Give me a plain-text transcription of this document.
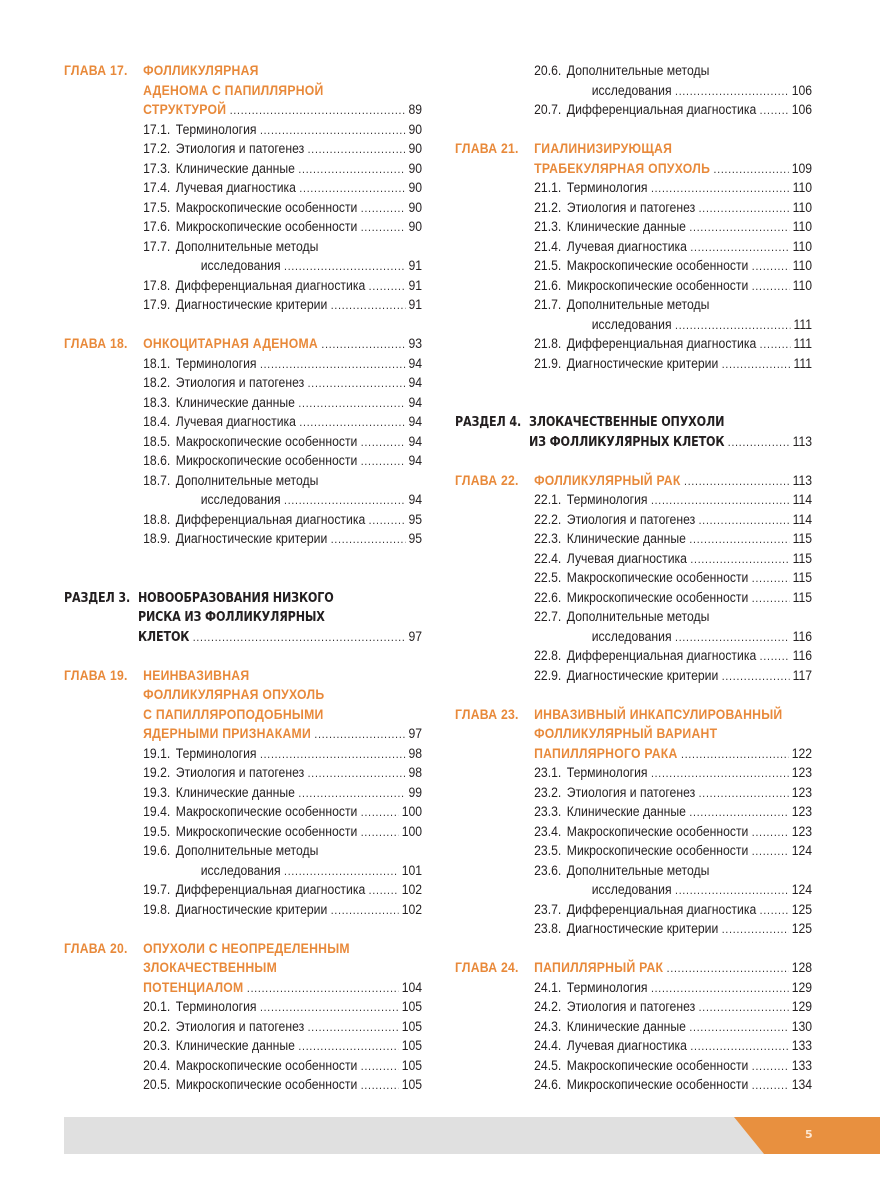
ГЛАВА 17. ФОЛЛИКУЛЯРНАЯ
АДЕНОМА С ПАПИЛЛЯРНОЙ
СТРУКТУРОЙ . . .	89
17.1. Терминология . . .	90
17.2. Этиология и патогенез . . .	90
17.3. Клинические данные . . .	90
17.4. Лучевая диагностика . . .	90
17.5. Макроскопические особенности . . .	90
17.6. Микроскопические особенности . . .	90
17.7. Дополнительные методы
исследования . . .	91
17.8. Дифференциальная диагностика . . .	91
17.9. Диагностические критерии . . .	91
ГЛАВА 18. ОНКОЦИТАРНАЯ АДЕНОМА . . .	93
18.1. Терминология . . .	94
18.2. Этиология и патогенез . . .	94
18.3. Клинические данные . . .	94
18.4. Лучевая диагностика . . .	94
18.5. Макроскопические особенности . . .	94
18.6. Микроскопические особенности . . .	94
18.7. Дополнительные методы
исследования . . .	94
18.8. Дифференциальная диагностика . . .	95
18.9. Диагностические критерии . . .	95
РАЗДЕЛ 3. НОВООБРАЗОВАНИЯ НИЗКОГО
РИСКА ИЗ ФОЛЛИКУЛЯРНЫХ
КЛЕТОК . . .	97
ГЛАВА 19. НЕИНВАЗИВНАЯ
ФОЛЛИКУЛЯРНАЯ ОПУХОЛЬ
С ПАПИЛЛЯРОПОДОБНЫМИ
ЯДЕРНЫМИ ПРИЗНАКАМИ . . .	97
19.1. Терминология . . .	98
19.2. Этиология и патогенез . . .	98
19.3. Клинические данные . . .	99
19.4. Макроскопические особенности . . .	100
19.5. Микроскопические особенности . . .	100
19.6. Дополнительные методы
исследования . . .	101
19.7. Дифференциальная диагностика . . .	102
19.8. Диагностические критерии . . .	102
ГЛАВА 20. ОПУХОЛИ С НЕОПРЕДЕЛЕННЫМ
ЗЛОКАЧЕСТВЕННЫМ
ПОТЕНЦИАЛОМ . . .	104
20.1. Терминология . . .	105
20.2. Этиология и патогенез . . .	105
20.3. Клинические данные . . .	105
20.4. Макроскопические особенности . . .	105
20.5. Микроскопические особенности . . .	105
20.6. Дополнительные методы
исследования . . .	106
20.7. Дифференциальная диагностика . . . 106
ГЛАВА 21. ГИАЛИНИЗИРУЮЩАЯ
ТРАБЕКУЛЯРНАЯ ОПУХОЛЬ . . .	109
21.1. Терминология . . .	110
21.2. Этиология и патогенез . . .	110
21.3. Клинические данные . . .	110
21.4. Лучевая диагностика . . .	110
21.5. Макроскопические особенности . . .	110
21.6. Микроскопические особенности . . .	110
21.7. Дополнительные методы
исследования . . .	111
21.8. Дифференциальная диагностика . . .	111
21.9. Диагностические критерии . . .	111
РАЗДЕЛ 4. ЗЛОКАЧЕСТВЕННЫЕ ОПУХОЛИ
ИЗ ФОЛЛИКУЛЯРНЫХ КЛЕТОК . . .	113
ГЛАВА 22. ФОЛЛИКУЛЯРНЫЙ РАК . . .	113
22.1. Терминология . . .	114
22.2. Этиология и патогенез . . .	114
22.3. Клинические данные . . .	115
22.4. Лучевая диагностика . . .	115
22.5. Макроскопические особенности . . .	115
22.6. Микроскопические особенности . . .	115
22.7. Дополнительные методы
исследования . . .	116
22.8. Дифференциальная диагностика . . .	116
22.9. Диагностические критерии . . .	117
ГЛАВА 23. ИНВАЗИВНЫЙ ИНКАПСУЛИРОВАННЫЙ
ФОЛЛИКУЛЯРНЫЙ ВАРИАНТ
ПАПИЛЛЯРНОГО РАКА . . .	122
23.1. Терминология . . .	123
23.2. Этиология и патогенез . . .	123
23.3. Клинические данные . . .	123
23.4. Макроскопические особенности . . .	123
23.5. Микроскопические особенности . . .	124
23.6. Дополнительные методы
исследования . . .	124
23.7. Дифференциальная диагностика . . . 125
23.8. Диагностические критерии . . .	125
ГЛАВА 24. ПАПИЛЛЯРНЫЙ РАК . . .	128
24.1. Терминология . . .	129
24.2. Этиология и патогенез . . .	129
24.3. Клинические данные . . .	130
24.4. Лучевая диагностика . . .	133
24.5. Макроскопические особенности . . .	133
24.6. Микроскопические особенности . . .	134
5
